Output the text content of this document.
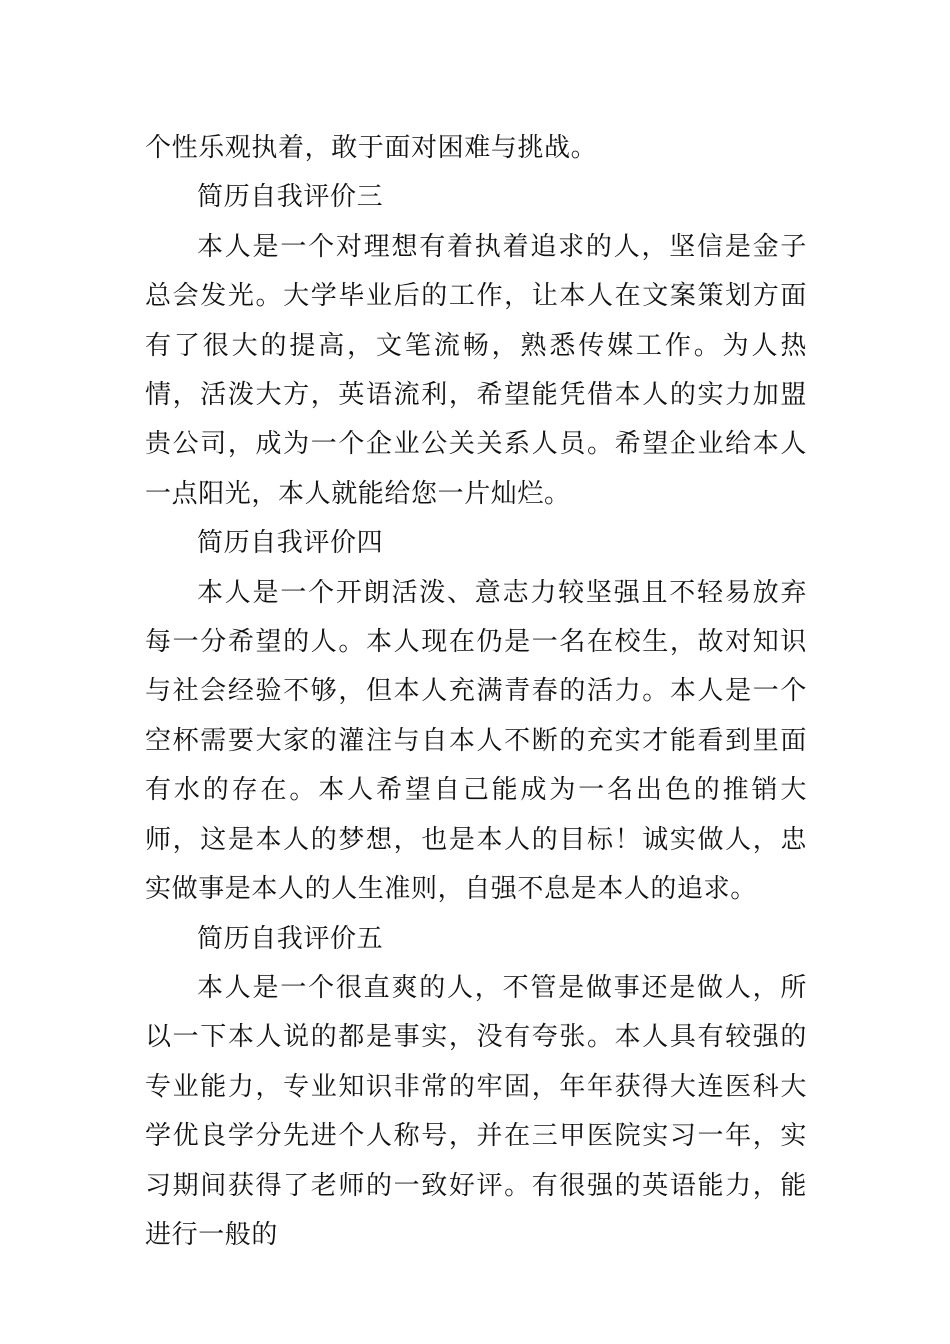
个性乐观执着，敢于面对困难与挑战。

简历自我评价三

本人是一个对理想有着执着追求的人，坚信是金子总会发光。大学毕业后的工作，让本人在文案策划方面有了很大的提高，文笔流畅，熟悉传媒工作。为人热情，活泼大方，英语流利，希望能凭借本人的实力加盟贵公司，成为一个企业公关关系人员。希望企业给本人一点阳光，本人就能给您一片灿烂。

简历自我评价四

本人是一个开朗活泼、意志力较坚强且不轻易放弃每一分希望的人。本人现在仍是一名在校生，故对知识与社会经验不够，但本人充满青春的活力。本人是一个空杯需要大家的灌注与自本人不断的充实才能看到里面有水的存在。本人希望自己能成为一名出色的推销大师，这是本人的梦想，也是本人的目标！诚实做人，忠实做事是本人的人生准则，自强不息是本人的追求。

简历自我评价五

本人是一个很直爽的人，不管是做事还是做人，所以一下本人说的都是事实，没有夸张。本人具有较强的专业能力，专业知识非常的牢固，年年获得大连医科大学优良学分先进个人称号，并在三甲医院实习一年，实习期间获得了老师的一致好评。有很强的英语能力，能进行一般的
